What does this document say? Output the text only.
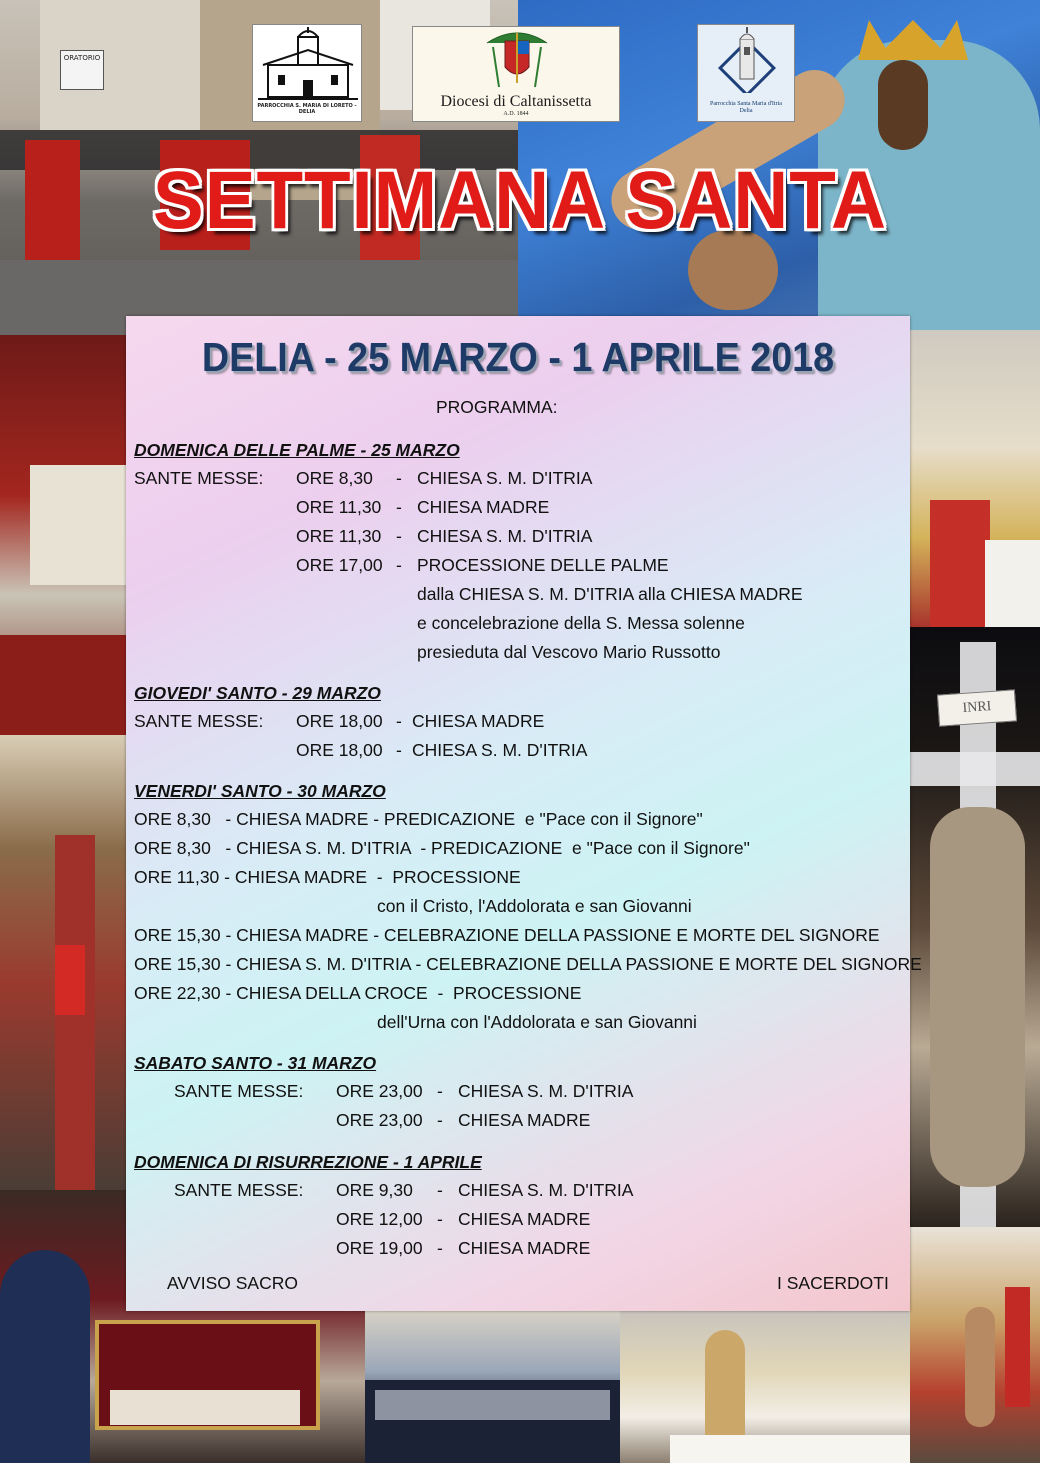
ORATORIO
INRI
PARROCCHIA S. MARIA DI LORETO - DELIA
Diocesi di Caltanissetta
A.D. 1844
Parrocchia Santa Maria d'Itria
Delia
SETTIMANA SANTA
DELIA - 25 MARZO - 1 APRILE 2018
PROGRAMMA:
DOMENICA DELLE PALME - 25 MARZO
SANTE MESSE: ORE 8,30 - CHIESA S. M. D'ITRIA
ORE 11,30 - CHIESA MADRE
ORE 11,30 - CHIESA S. M. D'ITRIA
ORE 17,00 - PROCESSIONE DELLE PALME
dalla CHIESA S. M. D'ITRIA alla CHIESA MADRE
e concelebrazione della S. Messa solenne
presieduta dal Vescovo Mario Russotto
GIOVEDI' SANTO - 29 MARZO
SANTE MESSE: ORE 18,00 - CHIESA MADRE
ORE 18,00 - CHIESA S. M. D'ITRIA
VENERDI' SANTO - 30 MARZO
ORE 8,30   - CHIESA MADRE - PREDICAZIONE  e "Pace con il Signore"
ORE 8,30   - CHIESA S. M. D'ITRIA  - PREDICAZIONE  e "Pace con il Signore"
ORE 11,30 - CHIESA MADRE  -  PROCESSIONE
con il Cristo, l'Addolorata e san Giovanni
ORE 15,30 - CHIESA MADRE - CELEBRAZIONE DELLA PASSIONE E MORTE DEL SIGNORE
ORE 15,30 - CHIESA S. M. D'ITRIA - CELEBRAZIONE DELLA PASSIONE E MORTE DEL SIGNORE
ORE 22,30 - CHIESA DELLA CROCE  -  PROCESSIONE
dell'Urna con l'Addolorata e san Giovanni
SABATO SANTO - 31 MARZO
SANTE MESSE: ORE 23,00 - CHIESA S. M. D'ITRIA
ORE 23,00 - CHIESA MADRE
DOMENICA DI RISURREZIONE - 1 APRILE
SANTE MESSE: ORE 9,30 - CHIESA S. M. D'ITRIA
ORE 12,00 - CHIESA MADRE
ORE 19,00 - CHIESA MADRE
AVVISO SACRO	I SACERDOTI
